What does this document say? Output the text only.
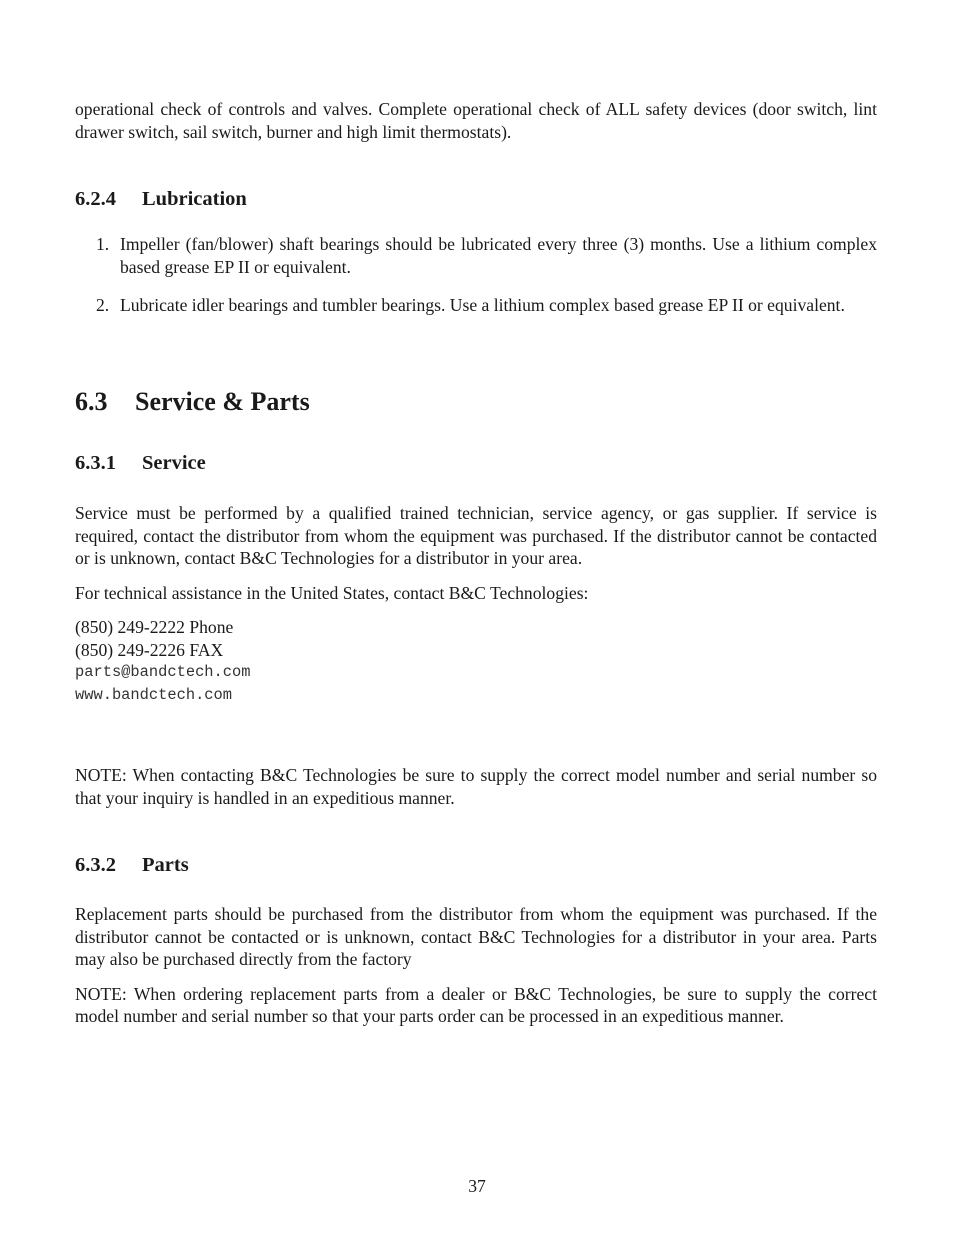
operational check of controls and valves. Complete operational check of ALL safety devices (door switch, lint drawer switch, sail switch, burner and high limit thermostats).

6.2.4 Lubrication
1. Impeller (fan/blower) shaft bearings should be lubricated every three (3) months. Use a lithium complex based grease EP II or equivalent.
2. Lubricate idler bearings and tumbler bearings. Use a lithium complex based grease EP II or equivalent.
6.3 Service & Parts
6.3.1 Service

Service must be performed by a qualified trained technician, service agency, or gas supplier. If service is required, contact the distributor from whom the equipment was purchased. If the distributor cannot be contacted or is unknown, contact B&C Technologies for a distributor in your area.

For technical assistance in the United States, contact B&C Technologies:

(850) 249-2222 Phone

(850) 249-2226 FAX

parts@bandctech.com

www.bandctech.com

NOTE: When contacting B&C Technologies be sure to supply the correct model number and serial number so that your inquiry is handled in an expeditious manner.

6.3.2 Parts

Replacement parts should be purchased from the distributor from whom the equipment was purchased. If the distributor cannot be contacted or is unknown, contact B&C Technologies for a distributor in your area. Parts may also be purchased directly from the factory

NOTE: When ordering replacement parts from a dealer or B&C Technologies, be sure to supply the correct model number and serial number so that your parts order can be processed in an expeditious manner.

37
